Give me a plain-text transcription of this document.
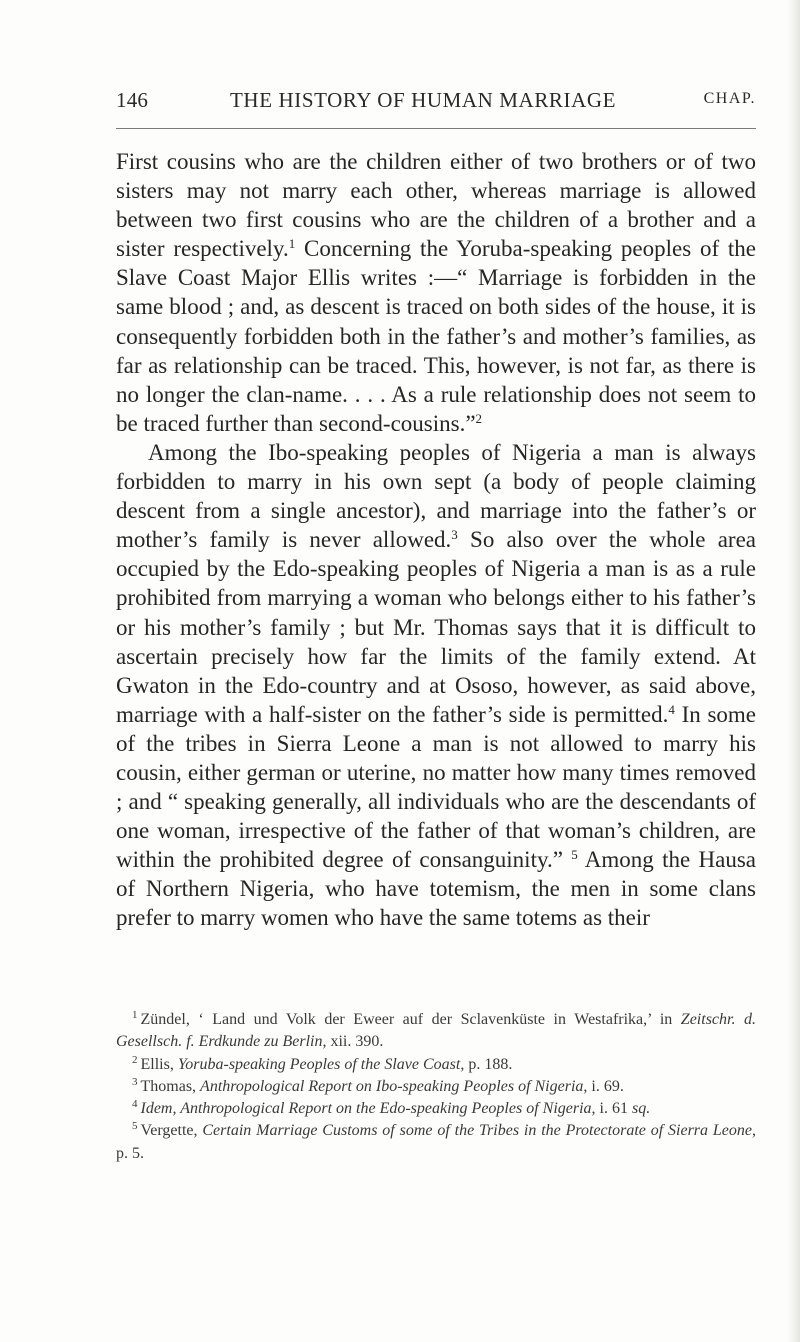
146	THE HISTORY OF HUMAN MARRIAGE	CHAP.

First cousins who are the children either of two brothers or of two sisters may not marry each other, whereas marriage is allowed between two first cousins who are the children of a brother and a sister respectively.$^1$ Concerning the Yoruba-speaking peoples of the Slave Coast Major Ellis writes :—“ Marriage is forbidden in the same blood ; and, as descent is traced on both sides of the house, it is consequently forbidden both in the father’s and mother’s families, as far as relationship can be traced. This, however, is not far, as there is no longer the clan-name. . . . As a rule relationship does not seem to be traced further than second-cousins.”$^2$

Among the Ibo-speaking peoples of Nigeria a man is always forbidden to marry in his own sept (a body of people claiming descent from a single ancestor), and marriage into the father’s or mother’s family is never allowed.$^3$ So also over the whole area occupied by the Edo-speaking peoples of Nigeria a man is as a rule prohibited from marrying a woman who belongs either to his father’s or his mother’s family ; but Mr. Thomas says that it is difficult to ascertain precisely how far the limits of the family extend. At Gwaton in the Edo-country and at Ososo, however, as said above, marriage with a half-sister on the father’s side is permitted.$^4$ In some of the tribes in Sierra Leone a man is not allowed to marry his cousin, either german or uterine, no matter how many times removed ; and “ speaking generally, all individuals who are the descendants of one woman, irrespective of the father of that woman’s children, are within the prohibited degree of consanguinity.” $^5$ Among the Hausa of Northern Nigeria, who have totemism, the men in some clans prefer to marry women who have the same totems as their

$^1$ Zündel, ‘ Land und Volk der Eweer auf der Sclavenküste in Westafrika,’ in Zeitschr. d. Gesellsch. f. Erdkunde zu Berlin, xii. 390.

$^2$ Ellis, Yoruba-speaking Peoples of the Slave Coast, p. 188.

$^3$ Thomas, Anthropological Report on Ibo-speaking Peoples of Nigeria, i. 69.

$^4$ Idem, Anthropological Report on the Edo-speaking Peoples of Nigeria, i. 61 sq.

$^5$ Vergette, Certain Marriage Customs of some of the Tribes in the Protectorate of Sierra Leone, p. 5.
